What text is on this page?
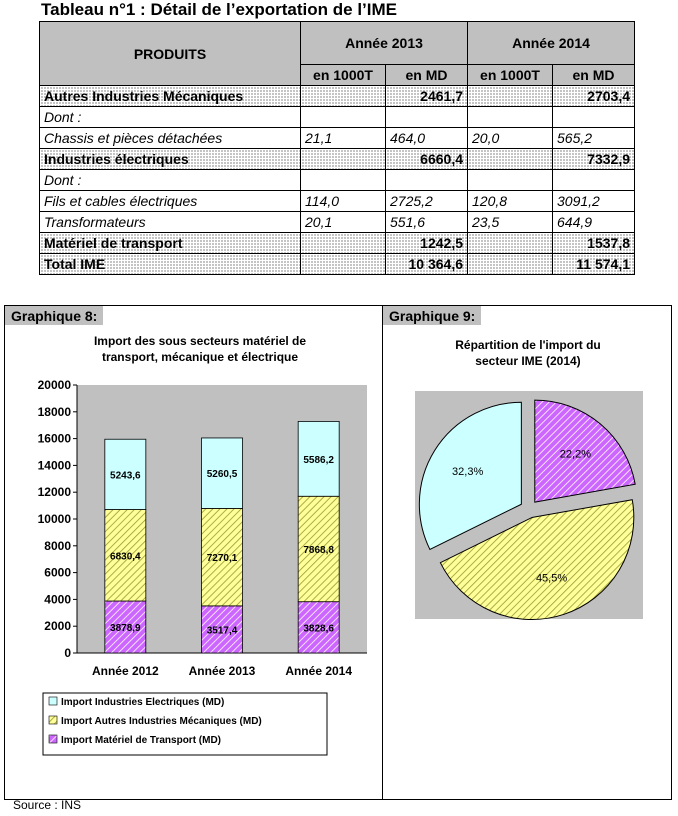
Tableau n°1 : Détail de l’exportation de l’IME
PRODUITS	Année 2013		Année 2014	
	en 1000T	en MD	en 1000T	en MD
Autres Industries Mécaniques		2461,7		2703,4
Dont :				
Chassis et pièces détachées	21,1	464,0	20,0	565,2
Industries électriques		6660,4		7332,9
Dont :				
Fils et cables électriques	114,0	2725,2	120,8	3091,2
Transformateurs	20,1	551,6	23,5	644,9
Matériel de transport		1242,5		1537,8
Total IME		10 364,6		11 574,1
Graphique 8:
Import des sous secteurs matériel de transport, mécanique et électrique
0
2000
4000
6000
8000
10000
12000
14000
16000
18000
20000
3878,9
6830,4
5243,6
Année 2012
3517,4
7270,1
5260,5
Année 2013
3828,6
7868,8
5586,2
Année 2014
Import Industries Electriques (MD)
Import Autres Industries Mécaniques (MD)
Import Matériel de Transport (MD)
Graphique 9:
Répartition de l'import du secteur IME (2014)
32,3%
22,2%
45,5%
Source : INS
